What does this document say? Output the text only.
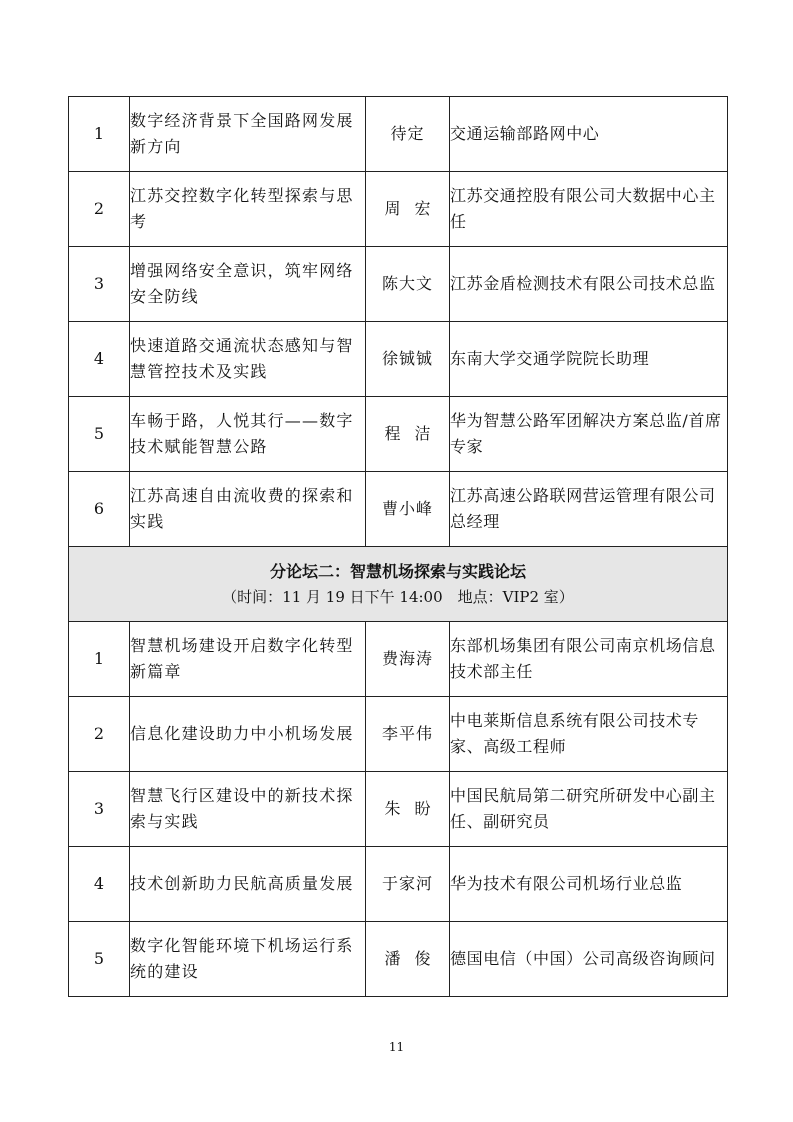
1	数字经济背景下全国路网发展新方向	待定	交通运输部路网中心
2	江苏交控数字化转型探索与思考	周宏	江苏交通控股有限公司大数据中心主任
3	增强网络安全意识，筑牢网络安全防线	陈大文	江苏金盾检测技术有限公司技术总监
4	快速道路交通流状态感知与智慧管控技术及实践	徐铖铖	东南大学交通学院院长助理
5	车畅于路，人悦其行——数字技术赋能智慧公路	程洁	华为智慧公路军团解决方案总监/首席专家
6	江苏高速自由流收费的探索和实践	曹小峰	江苏高速公路联网营运管理有限公司总经理

分论坛二：智慧机场探索与实践论坛
（时间：11 月 19 日下午 14:00　地点：VIP2 室）			

1	智慧机场建设开启数字化转型新篇章	费海涛	东部机场集团有限公司南京机场信息技术部主任
2	信息化建设助力中小机场发展	李平伟	中电莱斯信息系统有限公司技术专家、高级工程师
3	智慧飞行区建设中的新技术探索与实践	朱盼	中国民航局第二研究所研发中心副主任、副研究员
4	技术创新助力民航高质量发展	于家河	华为技术有限公司机场行业总监
5	数字化智能环境下机场运行系统的建设	潘俊	德国电信（中国）公司高级咨询顾问
11
